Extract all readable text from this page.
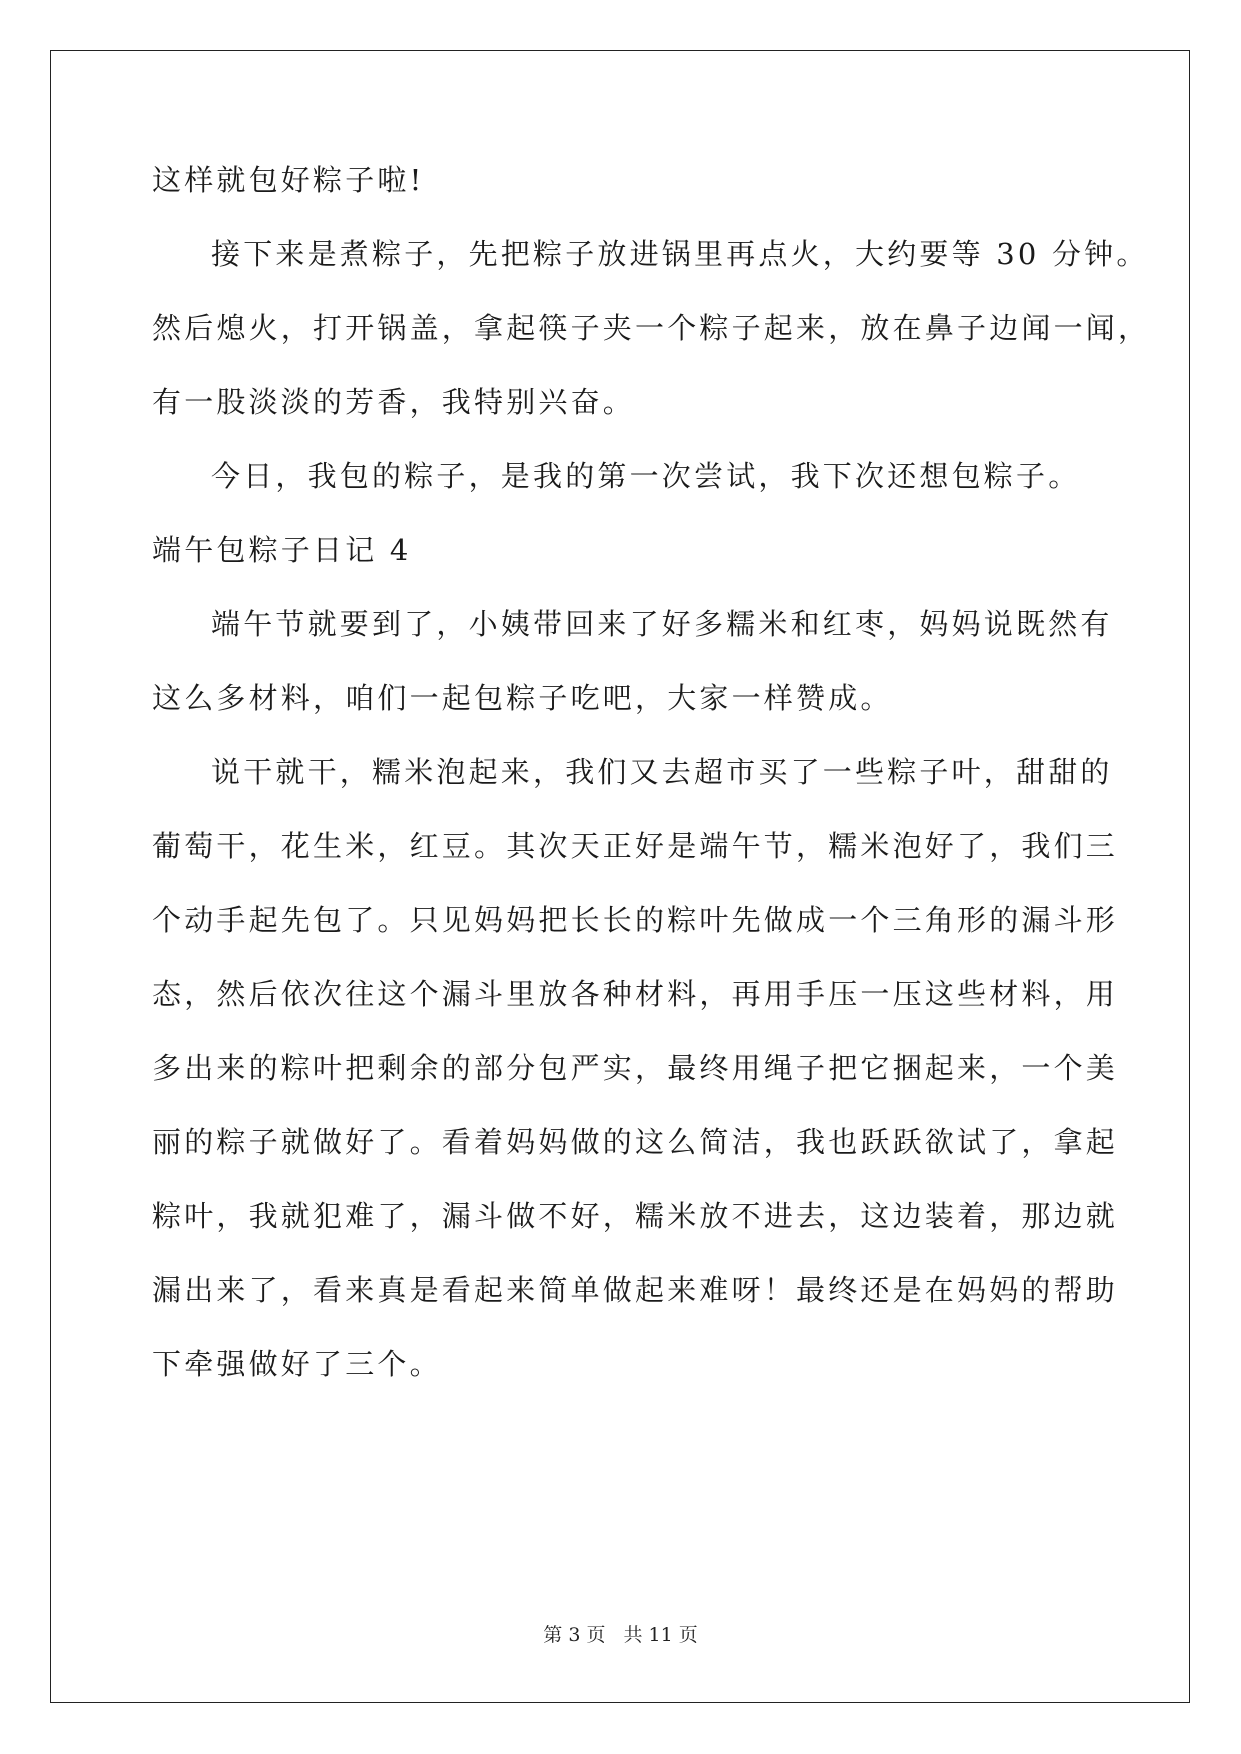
这样就包好粽子啦!
接下来是煮粽子，先把粽子放进锅里再点火，大约要等 30 分钟。
然后熄火，打开锅盖，拿起筷子夹一个粽子起来，放在鼻子边闻一闻，
有一股淡淡的芳香，我特别兴奋。
今日，我包的粽子，是我的第一次尝试，我下次还想包粽子。
端午包粽子日记 4
端午节就要到了，小姨带回来了好多糯米和红枣，妈妈说既然有
这么多材料，咱们一起包粽子吃吧，大家一样赞成。
说干就干，糯米泡起来，我们又去超市买了一些粽子叶，甜甜的
葡萄干，花生米，红豆。其次天正好是端午节，糯米泡好了，我们三
个动手起先包了。只见妈妈把长长的粽叶先做成一个三角形的漏斗形
态，然后依次往这个漏斗里放各种材料，再用手压一压这些材料，用
多出来的粽叶把剩余的部分包严实，最终用绳子把它捆起来，一个美
丽的粽子就做好了。看着妈妈做的这么简洁，我也跃跃欲试了，拿起
粽叶，我就犯难了，漏斗做不好，糯米放不进去，这边装着，那边就
漏出来了，看来真是看起来简单做起来难呀！最终还是在妈妈的帮助
下牵强做好了三个。
第 3 页 共 11 页
